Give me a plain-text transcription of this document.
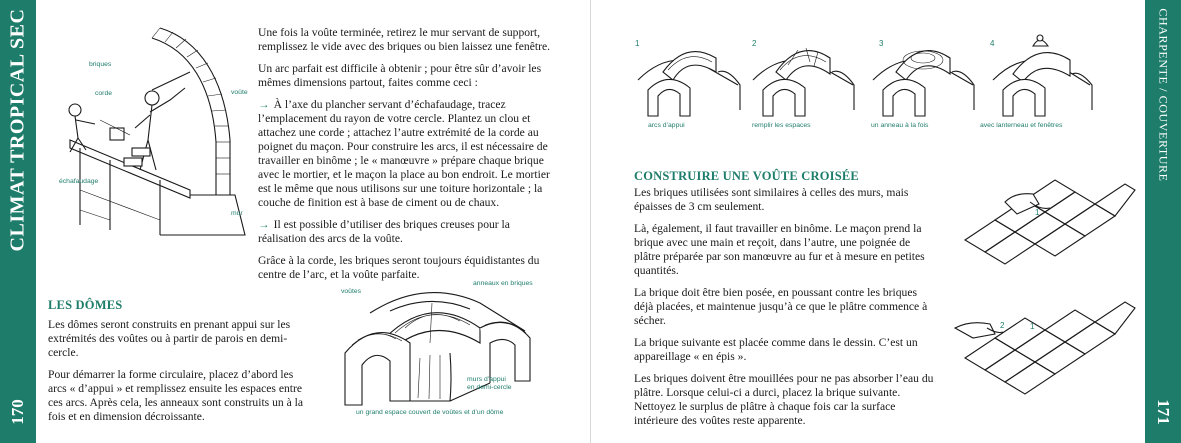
CLIMAT TROPICAL SEC
170
CHARPENTE / COUVERTURE
171
briques
corde	voûte
échafaudage
mur

Une fois la voûte terminée, retirez le mur servant de support, remplissez le vide avec des briques ou bien laissez une fenêtre.

Un arc parfait est difficile à obtenir ; pour être sûr d’avoir les mêmes dimensions partout, faites comme ceci :

→ À l’axe du plancher servant d’échafaudage, tracez l’emplacement du rayon de votre cercle. Plantez un clou et attachez une corde ; attachez l’autre extrémité de la corde au poignet du maçon. Pour construire les arcs, il est nécessaire de travailler en binôme ; le « manœuvre » prépare chaque brique avec le mortier, et le maçon la place au bon endroit. Le mortier est le même que nous utilisons sur une toiture horizontale ; la couche de finition est à base de ciment ou de chaux.

→ Il est possible d’utiliser des briques creuses pour la réalisation des arcs de la voûte.

Grâce à la corde, les briques seront toujours équidistantes du centre de l’arc, et la voûte parfaite.

LES DÔMES

Les dômes seront construits en prenant appui sur les extrémités des voûtes ou à partir de parois en demi-cercle.

Pour démarrer la forme circulaire, placez d’abord les arcs « d’appui » et remplissez ensuite les espaces entre ces arcs. Après cela, les anneaux sont construits un à la fois et en dimension décroissante.

voûtes
anneaux en briques
murs d’appui
en demi-cercle
un grand espace couvert de voûtes et d’un dôme
1	2	3	4
arcs d’appui	remplir les espaces	un anneau à la fois	avec lanterneau et fenêtres
CONSTRUIRE UNE VOÛTE CROISÉE

Les briques utilisées sont similaires à celles des murs, mais épaisses de 3 cm seulement.

Là, également, il faut travailler en binôme. Le maçon prend la brique avec une main et reçoit, dans l’autre, une poignée de plâtre préparée par son manœuvre au fur et à mesure en petites quantités.

La brique doit être bien posée, en poussant contre les briques déjà placées, et maintenue jusqu’à ce que le plâtre commence à sécher.

La brique suivante est placée comme dans le dessin. C’est un appareillage « en épis ».

Les briques doivent être mouillées pour ne pas absorber l’eau du plâtre. Lorsque celui-ci a durci, placez la brique suivante. Nettoyez le surplus de plâtre à chaque fois car la surface intérieure des voûtes reste apparente.

1
2	1
